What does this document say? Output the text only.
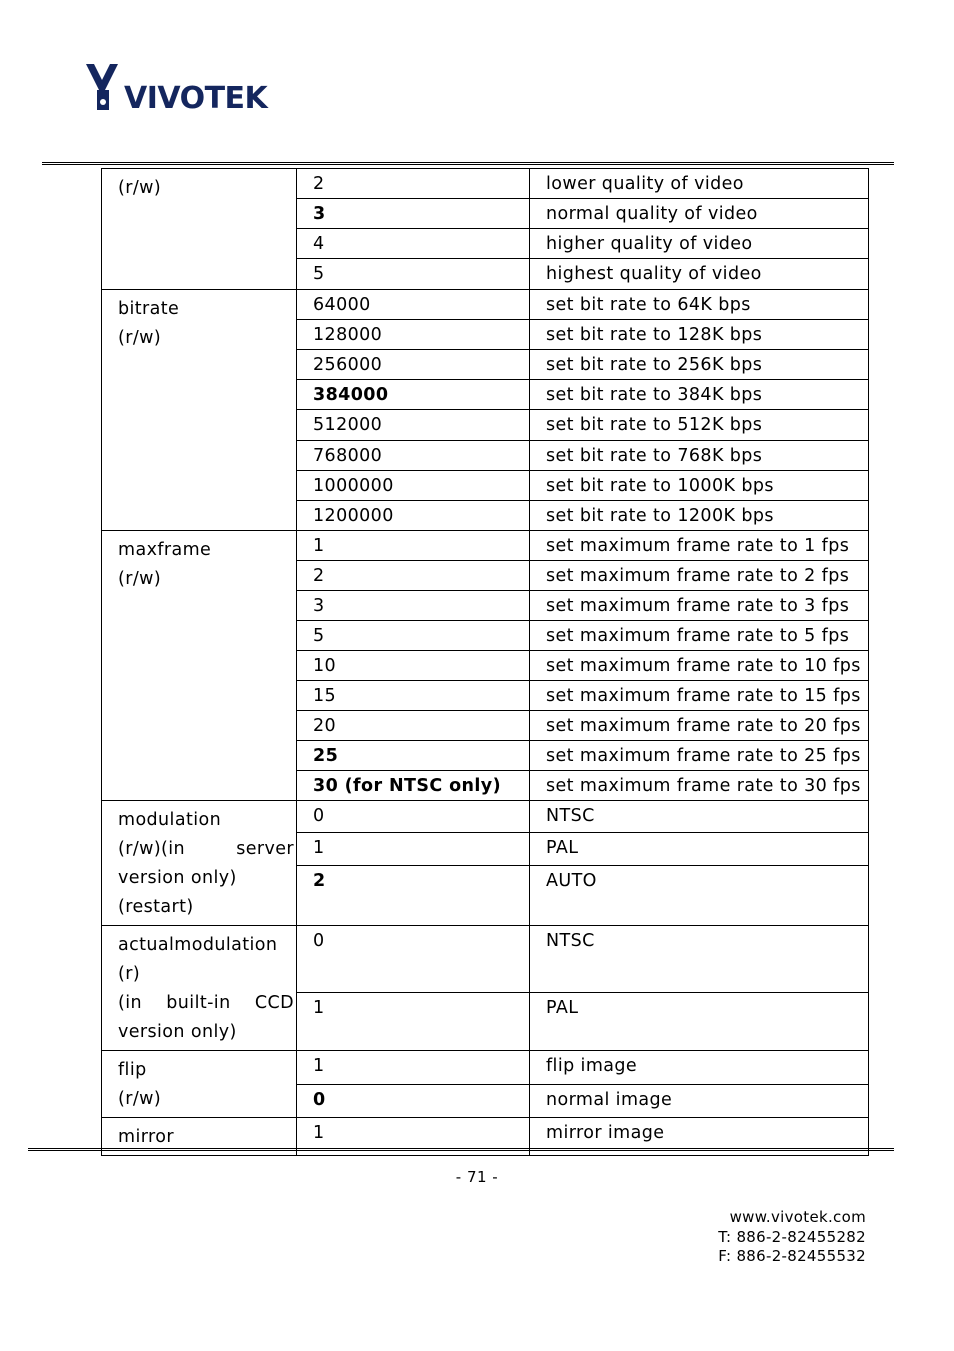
VIVOTEK
(r/w)	2	lower quality of video
	3	normal quality of video
	4	higher quality of video
	5	highest quality of video

bitrate
(r/w)	64000	set bit rate to 64K bps
	128000	set bit rate to 128K bps
	256000	set bit rate to 256K bps
	384000	set bit rate to 384K bps
	512000	set bit rate to 512K bps
	768000	set bit rate to 768K bps
	1000000	set bit rate to 1000K bps
	1200000	set bit rate to 1200K bps

maxframe
(r/w)	1	set maximum frame rate to 1 fps
	2	set maximum frame rate to 2 fps
	3	set maximum frame rate to 3 fps
	5	set maximum frame rate to 5 fps
	10	set maximum frame rate to 10 fps
	15	set maximum frame rate to 15 fps
	20	set maximum frame rate to 20 fps
	25	set maximum frame rate to 25 fps
	30 (for NTSC only)	set maximum frame rate to 30 fps

modulation
(r/w)(in server
version only)
(restart)	0	NTSC
	1	PAL
	2	AUTO

actualmodulation
(r)
(in built-in CCD
version only)	0	NTSC
	1	PAL

flip
(r/w)	1	flip image
	0	normal image

mirror	1	mirror image
- 71 -
www.vivotek.com
T: 886-2-82455282
F: 886-2-82455532
